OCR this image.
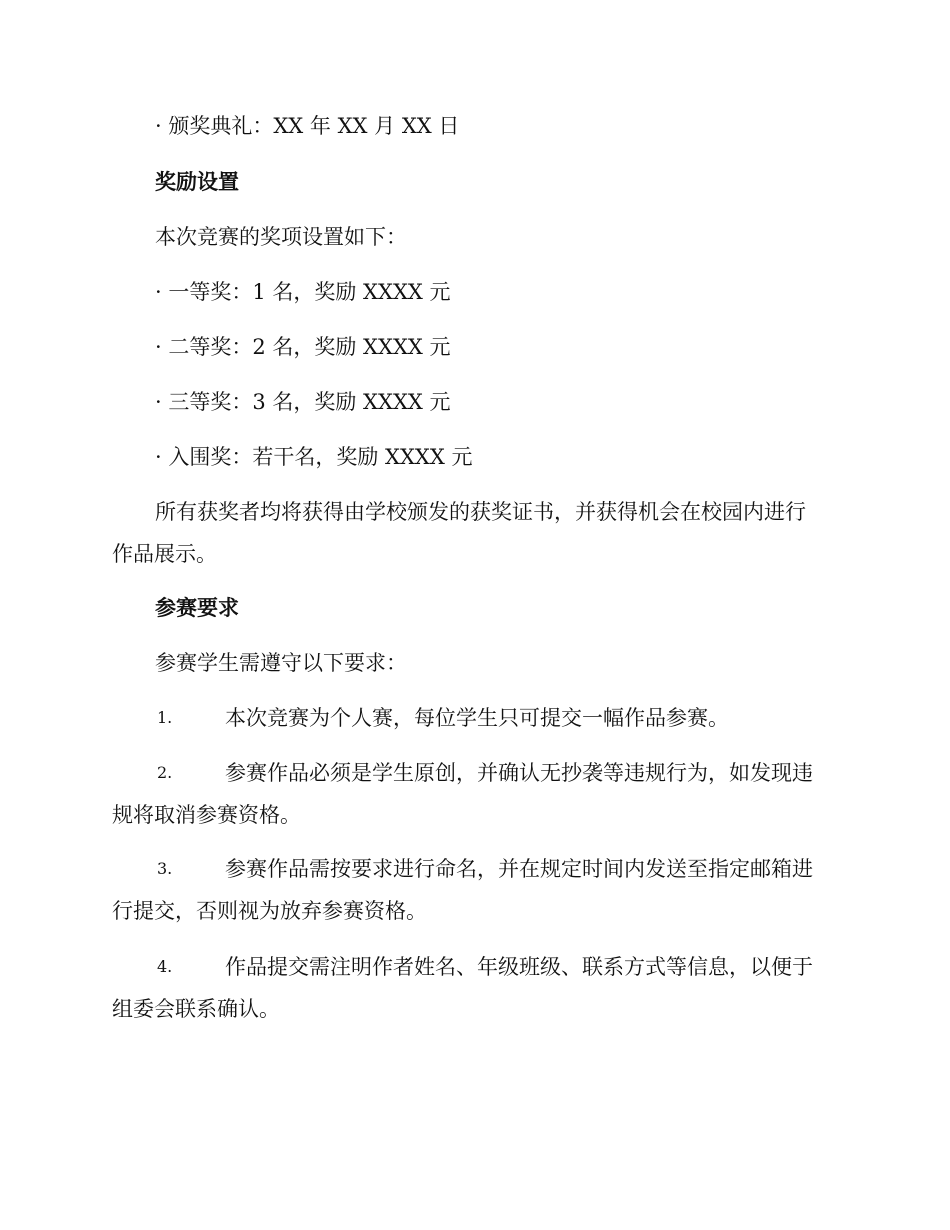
· 颁奖典礼：XX 年 XX 月 XX 日
奖励设置
本次竞赛的奖项设置如下：
· 一等奖：1 名，奖励 XXXX 元
· 二等奖：2 名，奖励 XXXX 元
· 三等奖：3 名，奖励 XXXX 元
· 入围奖：若干名，奖励 XXXX 元
所有获奖者均将获得由学校颁发的获奖证书，并获得机会在校园内进行
作品展示。
参赛要求
参赛学生需遵守以下要求：
1.	本次竞赛为个人赛，每位学生只可提交一幅作品参赛。
2.	参赛作品必须是学生原创，并确认无抄袭等违规行为，如发现违
规将取消参赛资格。
3.	参赛作品需按要求进行命名，并在规定时间内发送至指定邮箱进
行提交，否则视为放弃参赛资格。
4.	作品提交需注明作者姓名、年级班级、联系方式等信息，以便于
组委会联系确认。
